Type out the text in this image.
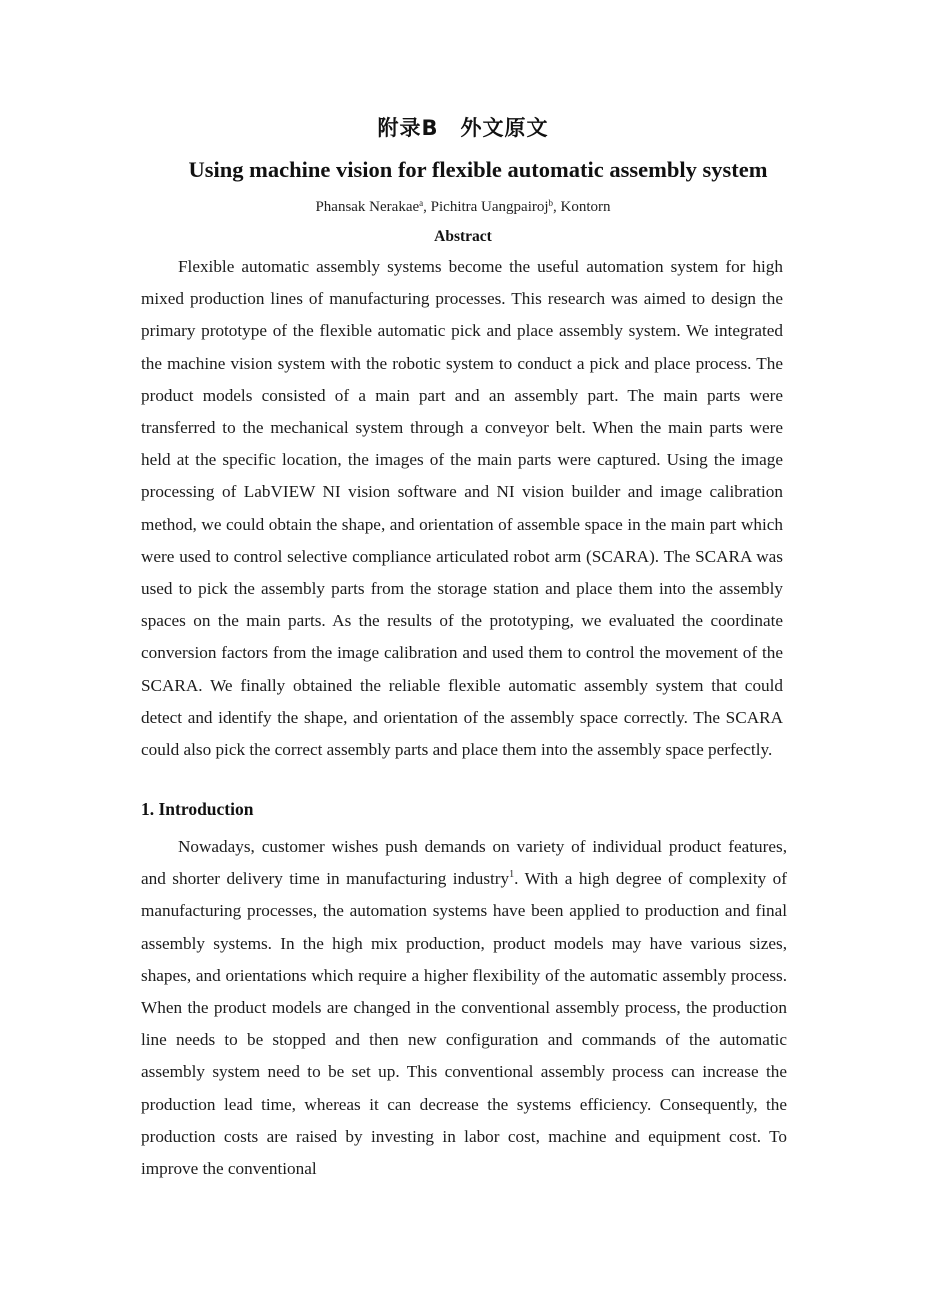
附录B　外文原文
Using machine vision for flexible automatic assembly system
Phansak Nerakae$^a$, Pichitra Uangpairoj$^b$, Kontorn
Abstract

Flexible automatic assembly systems become the useful automation system for high mixed production lines of manufacturing processes. This research was aimed to design the primary prototype of the flexible automatic pick and place assembly system. We integrated the machine vision system with the robotic system to conduct a pick and place process. The product models consisted of a main part and an assembly part. The main parts were transferred to the mechanical system through a conveyor belt. When the main parts were held at the specific location, the images of the main parts were captured. Using the image processing of LabVIEW NI vision software and NI vision builder and image calibration method, we could obtain the shape, and orientation of assemble space in the main part which were used to control selective compliance articulated robot arm (SCARA). The SCARA was used to pick the assembly parts from the storage station and place them into the assembly spaces on the main parts. As the results of the prototyping, we evaluated the coordinate conversion factors from the image calibration and used them to control the movement of the SCARA. We finally obtained the reliable flexible automatic assembly system that could detect and identify the shape, and orientation of the assembly space correctly. The SCARA could also pick the correct assembly parts and place them into the assembly space perfectly.

1. Introduction

Nowadays, customer wishes push demands on variety of individual product features, and shorter delivery time in manufacturing industry$^1$. With a high degree of complexity of manufacturing processes, the automation systems have been applied to production and final assembly systems. In the high mix production, product models may have various sizes, shapes, and orientations which require a higher flexibility of the automatic assembly process. When the product models are changed in the conventional assembly process, the production line needs to be stopped and then new configuration and commands of the automatic assembly system need to be set up. This conventional assembly process can increase the production lead time, whereas it can decrease the systems efficiency. Consequently, the production costs are raised by investing in labor cost, machine and equipment cost. To improve the conventional
